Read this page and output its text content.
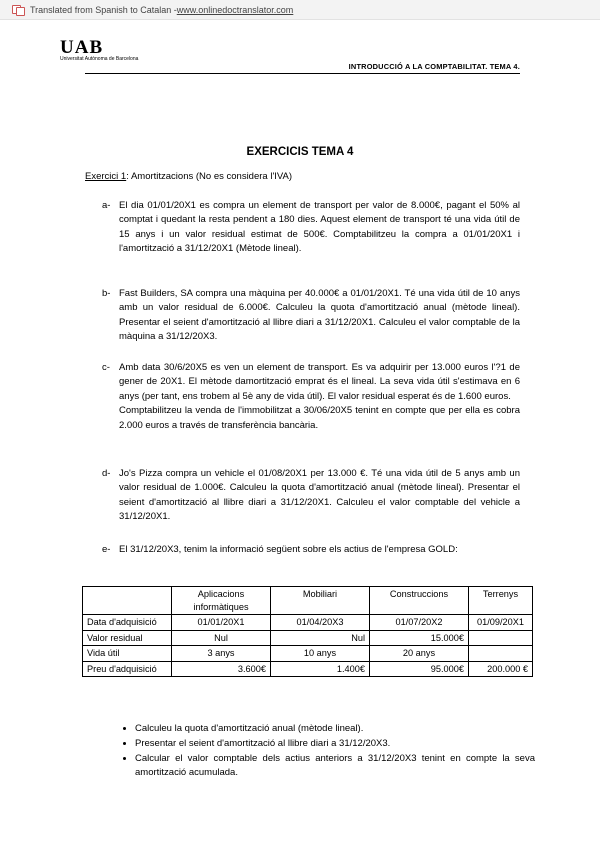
Translated from Spanish to Catalan - www.onlinedoctranslator.com
UAB
Universitat Autònoma de Barcelona
INTRODUCCIÓ A LA COMPTABILITAT. TEMA 4.
EXERCICIS TEMA 4
Exercici 1: Amortitzacions (No es considera l'IVA)
a- El dia 01/01/20X1 es compra un element de transport per valor de 8.000€, pagant el 50% al comptat i quedant la resta pendent a 180 dies. Aquest element de transport té una vida útil de 15 anys i un valor residual estimat de 500€. Comptabilitzeu la compra a 01/01/20X1 i l'amortització a 31/12/20X1 (Mètode lineal).

b- Fast Builders, SA compra una màquina per 40.000€ a 01/01/20X1. Té una vida útil de 10 anys amb un valor residual de 6.000€. Calculeu la quota d'amortització anual (mètode lineal). Presentar el seient d'amortització al llibre diari a 31/12/20X1. Calculeu el valor comptable de la màquina a 31/12/20X3.

c- Amb data 30/6/20X5 es ven un element de transport. Es va adquirir per 13.000 euros l'?1 de gener de 20X1. El mètode damortització emprat és el lineal. La seva vida útil s'estimava en 6 anys (per tant, ens trobem al 5è any de vida útil). El valor residual esperat és de 1.600 euros.

Comptabilitzeu la venda de l'immobilitzat a 30/06/20X5 tenint en compte que per ella es cobra 2.000 euros a través de transferència bancària.

d- Jo's Pizza compra un vehicle el 01/08/20X1 per 13.000 €. Té una vida útil de 5 anys amb un valor residual de 1.000€. Calculeu la quota d'amortització anual (mètode lineal). Presentar el seient d'amortització al llibre diari a 31/12/20X1. Calculeu el valor comptable del vehicle a 31/12/20X1.

e- El 31/12/20X3, tenim la informació següent sobre els actius de l'empresa GOLD:

	Aplicacions informàtiques	Mobiliari	Construccions	Terrenys
Data d'adquisició	01/01/20X1	01/04/20X3	01/07/20X2	01/09/20X1
Valor residual	Nul	Nul	15.000€	
Vida útil	3 anys	10 anys	20 anys	
Preu d'adquisició	3.600€	1.400€	95.000€	200.000 €
• Calculeu la quota d'amortització anual (mètode lineal).
• Presentar el seient d'amortització al llibre diari a 31/12/20X3.
• Calcular el valor comptable dels actius anteriors a 31/12/20X3 tenint en compte la seva amortització acumulada.
